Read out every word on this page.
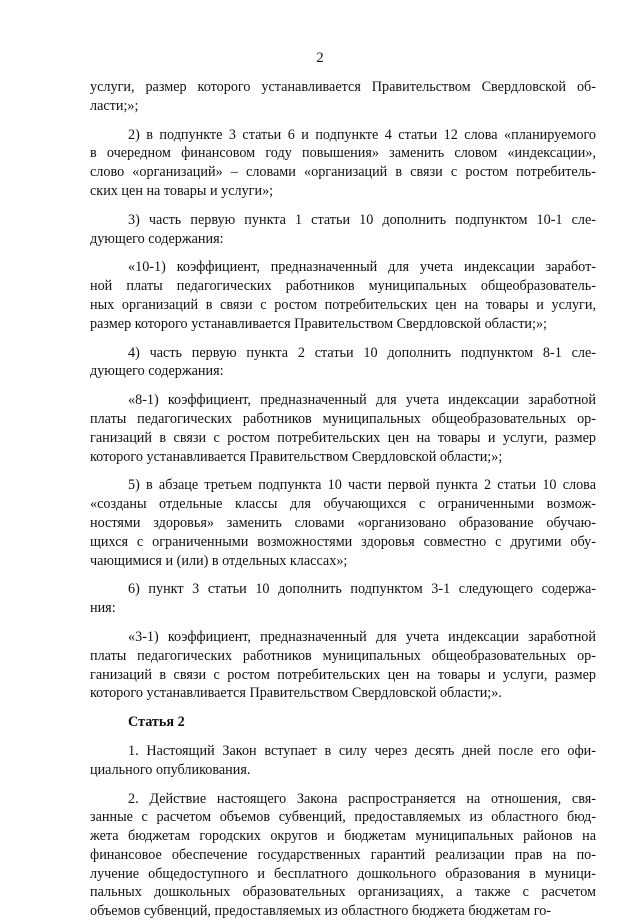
2
услуги, размер которого устанавливается Правительством Свердловской об-
ласти;»;
2) в подпункте 3 статьи 6 и подпункте 4 статьи 12 слова «планируемого
в очередном финансовом году повышения» заменить словом «индексации»,
слово «организаций» – словами «организаций в связи с ростом потребитель-
ских цен на товары и услуги»;
3) часть первую пункта 1 статьи 10 дополнить подпунктом 10-1 сле-
дующего содержания:
«10-1) коэффициент, предназначенный для учета индексации заработ-
ной платы педагогических работников муниципальных общеобразователь-
ных организаций в связи с ростом потребительских цен на товары и услуги,
размер которого устанавливается Правительством Свердловской области;»;
4) часть первую пункта 2 статьи 10 дополнить подпунктом 8-1 сле-
дующего содержания:
«8-1) коэффициент, предназначенный для учета индексации заработной
платы педагогических работников муниципальных общеобразовательных ор-
ганизаций в связи с ростом потребительских цен на товары и услуги, размер
которого устанавливается Правительством Свердловской области;»;
5) в абзаце третьем подпункта 10 части первой пункта 2 статьи 10 слова
«созданы отдельные классы для обучающихся с ограниченными возмож-
ностями здоровья» заменить словами «организовано образование обучаю-
щихся с ограниченными возможностями здоровья совместно с другими обу-
чающимися и (или) в отдельных классах»;
6) пункт 3 статьи 10 дополнить подпунктом 3-1 следующего содержа-
ния:
«3-1) коэффициент, предназначенный для учета индексации заработной
платы педагогических работников муниципальных общеобразовательных ор-
ганизаций в связи с ростом потребительских цен на товары и услуги, размер
которого устанавливается Правительством Свердловской области;».
Статья 2
1. Настоящий Закон вступает в силу через десять дней после его офи-
циального опубликования.
2. Действие настоящего Закона распространяется на отношения, свя-
занные с расчетом объемов субвенций, предоставляемых из областного бюд-
жета бюджетам городских округов и бюджетам муниципальных районов на
финансовое обеспечение государственных гарантий реализации прав на по-
лучение общедоступного и бесплатного дошкольного образования в муници-
пальных дошкольных образовательных организациях, а также с расчетом
объемов субвенций, предоставляемых из областного бюджета бюджетам го-
